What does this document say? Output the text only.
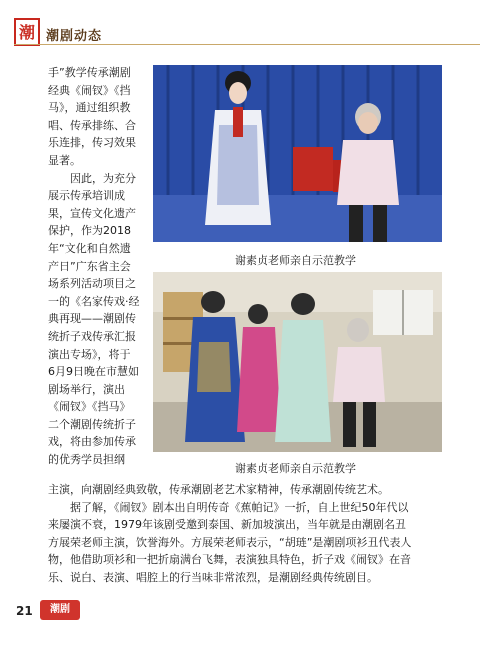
潮 潮剧动态
手”教学传承潮剧
经典《闹钗》《挡
马》，通过组织教
唱、传承排练、合
乐连排，传习效果
显著。
　　因此，为充分
展示传承培训成
果，宣传文化遗产
保护，作为2018
年“文化和自然遗
产日”广东省主会
场系列活动项目之
一的《名家传戏·经
典再现——潮剧传
统折子戏传承汇报
演出专场》，将于
6月9日晚在市慧如
剧场举行，演出
《闹钗》《挡马》
二个潮剧传统折子
戏，将由参加传承
的优秀学员担纲
谢素贞老师亲自示范教学
谢素贞老师亲自示范教学
主演，向潮剧经典致敬，传承潮剧老艺术家精神，传承潮剧传统艺术。
　　据了解，《闹钗》剧本出自明传奇《蕉帕记》一折，自上世纪50年代以
来屡演不衰，1979年该剧受邀到泰国、新加坡演出，当年就是由潮剧名丑
方展荣老师主演，饮誉海外。方展荣老师表示，“胡琏”是潮剧项衫丑代表人
物，他借助项衫和一把折扇满台飞舞，表演独具特色，折子戏《闹钗》在音
乐、说白、表演、唱腔上的行当味非常浓烈，是潮剧经典传统剧目。
21	潮剧
